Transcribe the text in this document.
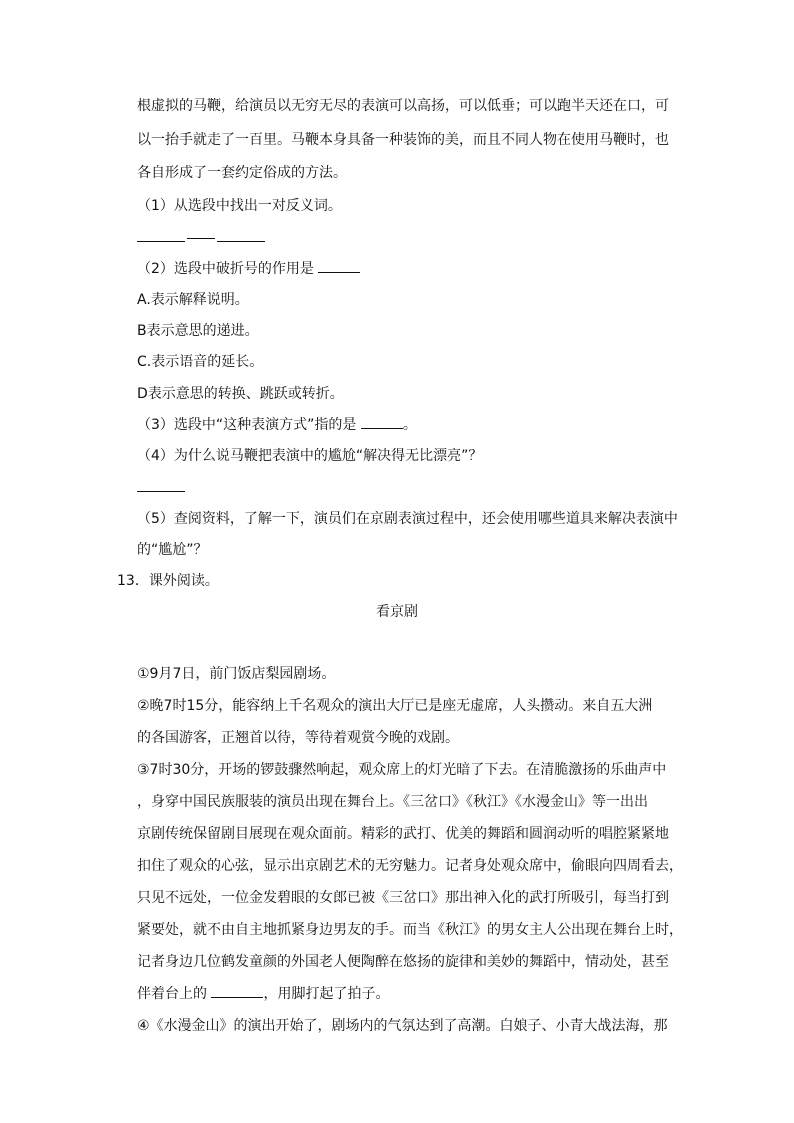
根虚拟的马鞭，给演员以无穷无尽的表演可以高扬，可以低垂；可以跑半天还在口，可
以一抬手就走了一百里。马鞭本身具备一种装饰的美，而且不同人物在使用马鞭时，也
各自形成了一套约定俗成的方法。
（1）从选段中找出一对反义词。
（2）选段中破折号的作用是
A.表示解释说明。
B表示意思的递进。
C.表示语音的延长。
D表示意思的转换、跳跃或转折。
（3）选段中“这种表演方式”指的是	。
（4）为什么说马鞭把表演中的尴尬“解决得无比漂亮”？
（5）查阅资料，了解一下，演员们在京剧表演过程中，还会使用哪些道具来解决表演中
的“尴尬”？
13．课外阅读。
看京剧
①9月7日，前门饭店梨园剧场。
②晚7时15分，能容纳上千名观众的演出大厅已是座无虚席，人头攒动。来自五大洲
的各国游客，正翘首以待，等待着观赏今晚的戏剧。
③7时30分，开场的锣鼓骤然响起，观众席上的灯光暗了下去。在清脆激扬的乐曲声中
，身穿中国民族服装的演员出现在舞台上。《三岔口》《秋江》《水漫金山》等一出出
京剧传统保留剧目展现在观众面前。精彩的武打、优美的舞蹈和圆润动听的唱腔紧紧地
扣住了观众的心弦，显示出京剧艺术的无穷魅力。记者身处观众席中，偷眼向四周看去，
只见不远处，一位金发碧眼的女郎已被《三岔口》那出神入化的武打所吸引，每当打到
紧要处，就不由自主地抓紧身边男友的手。而当《秋江》的男女主人公出现在舞台上时，
记者身边几位鹤发童颜的外国老人便陶醉在悠扬的旋律和美妙的舞蹈中，情动处，甚至
伴着台上的	，用脚打起了拍子。
④《水漫金山》的演出开始了，剧场内的气氛达到了高潮。白娘子、小青大战法海，那
